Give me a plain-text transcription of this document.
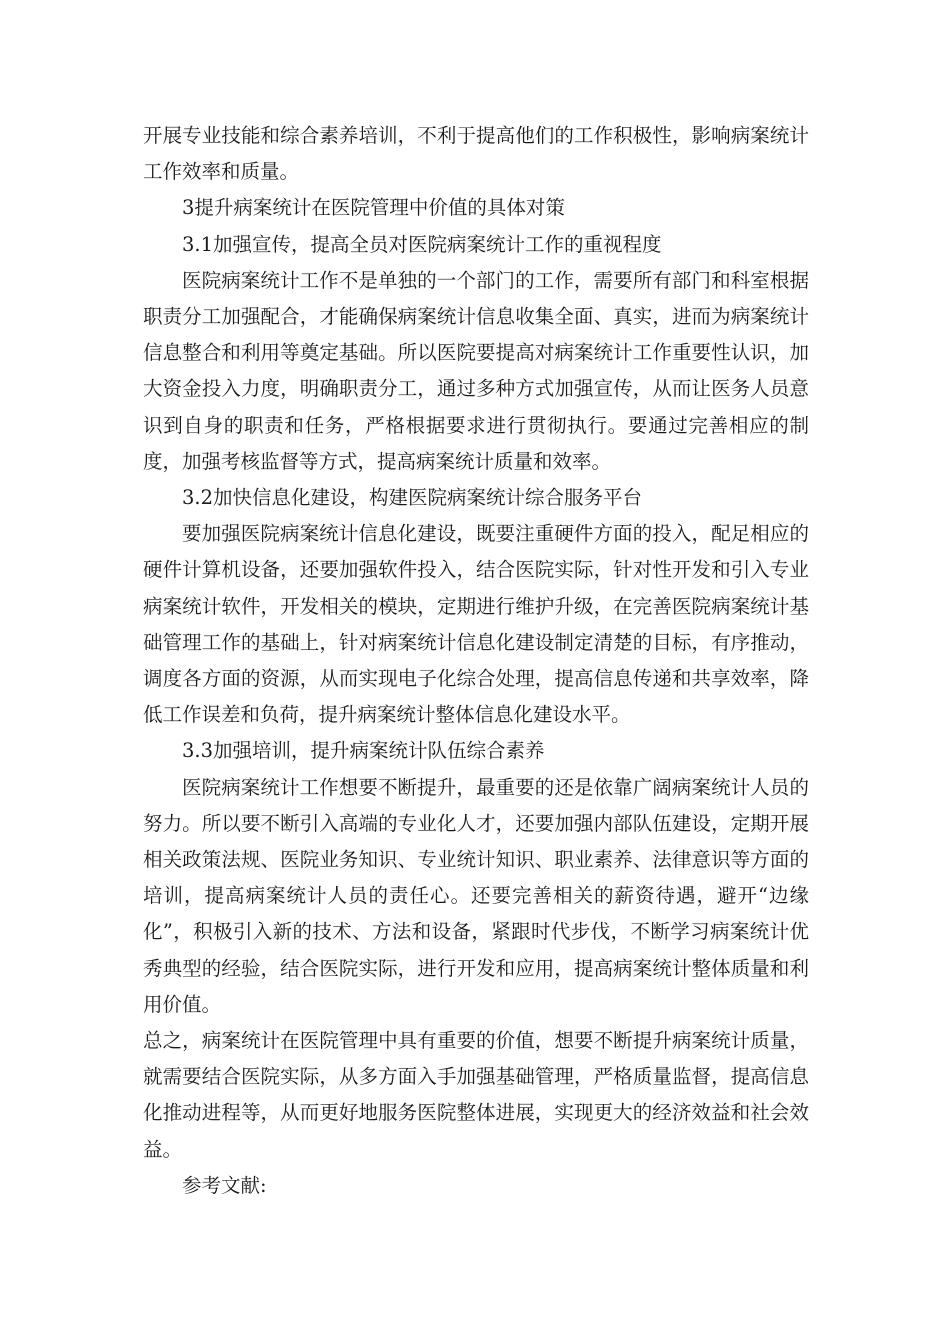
开展专业技能和综合素养培训，不利于提高他们的工作积极性，影响病案统计工作效率和质量。

3提升病案统计在医院管理中价值的具体对策

3.1加强宣传，提高全员对医院病案统计工作的重视程度

医院病案统计工作不是单独的一个部门的工作，需要所有部门和科室根据职责分工加强配合，才能确保病案统计信息收集全面、真实，进而为病案统计信息整合和利用等奠定基础。所以医院要提高对病案统计工作重要性认识，加大资金投入力度，明确职责分工，通过多种方式加强宣传，从而让医务人员意识到自身的职责和任务，严格根据要求进行贯彻执行。要通过完善相应的制度，加强考核监督等方式，提高病案统计质量和效率。

3.2加快信息化建设，构建医院病案统计综合服务平台

要加强医院病案统计信息化建设，既要注重硬件方面的投入，配足相应的硬件计算机设备，还要加强软件投入，结合医院实际，针对性开发和引入专业病案统计软件，开发相关的模块，定期进行维护升级，在完善医院病案统计基础管理工作的基础上，针对病案统计信息化建设制定清楚的目标，有序推动，调度各方面的资源，从而实现电子化综合处理，提高信息传递和共享效率，降低工作误差和负荷，提升病案统计整体信息化建设水平。

3.3加强培训，提升病案统计队伍综合素养

医院病案统计工作想要不断提升，最重要的还是依靠广阔病案统计人员的努力。所以要不断引入高端的专业化人才，还要加强内部队伍建设，定期开展相关政策法规、医院业务知识、专业统计知识、职业素养、法律意识等方面的培训，提高病案统计人员的责任心。还要完善相关的薪资待遇，避开“边缘化”，积极引入新的技术、方法和设备，紧跟时代步伐，不断学习病案统计优秀典型的经验，结合医院实际，进行开发和应用，提高病案统计整体质量和利用价值。

总之，病案统计在医院管理中具有重要的价值，想要不断提升病案统计质量，就需要结合医院实际，从多方面入手加强基础管理，严格质量监督，提高信息化推动进程等，从而更好地服务医院整体进展，实现更大的经济效益和社会效益。

参考文献:
